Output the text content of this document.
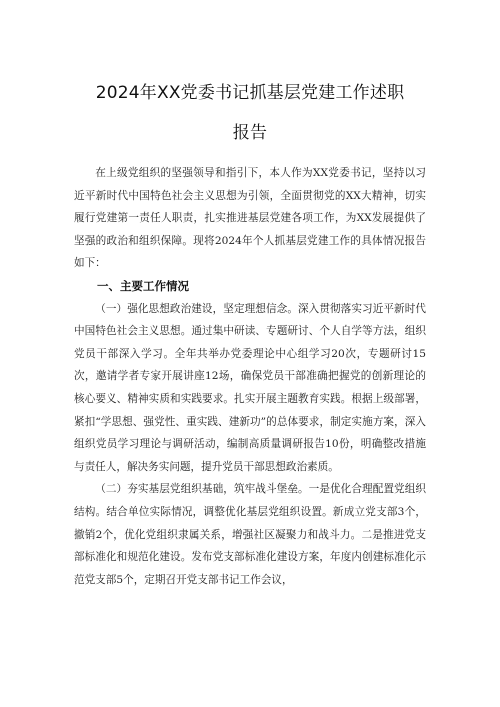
2024年XX党委书记抓基层党建工作述职
报告

在上级党组织的坚强领导和指引下，本人作为XX党委书记，坚持以习近平新时代中国特色社会主义思想为引领，全面贯彻党的XX大精神，切实履行党建第一责任人职责，扎实推进基层党建各项工作，为XX发展提供了坚强的政治和组织保障。现将2024年个人抓基层党建工作的具体情况报告如下：

一、主要工作情况

（一）强化思想政治建设，坚定理想信念。深入贯彻落实习近平新时代中国特色社会主义思想。通过集中研读、专题研讨、个人自学等方法，组织党员干部深入学习。全年共举办党委理论中心组学习20次，专题研讨15次，邀请学者专家开展讲座12场，确保党员干部准确把握党的创新理论的核心要义、精神实质和实践要求。扎实开展主题教育实践。根据上级部署，紧扣“学思想、强党性、重实践、建新功”的总体要求，制定实施方案，深入组织党员学习理论与调研活动，编制高质量调研报告10份，明确整改措施与责任人，解决务实问题，提升党员干部思想政治素质。

（二）夯实基层党组织基础，筑牢战斗堡垒。一是优化合理配置党组织结构。结合单位实际情况，调整优化基层党组织设置。新成立党支部3个，撤销2个，优化党组织隶属关系，增强社区凝聚力和战斗力。二是推进党支部标准化和规范化建设。发布党支部标准化建设方案，年度内创建标准化示范党支部5个，定期召开党支部书记工作会议，
